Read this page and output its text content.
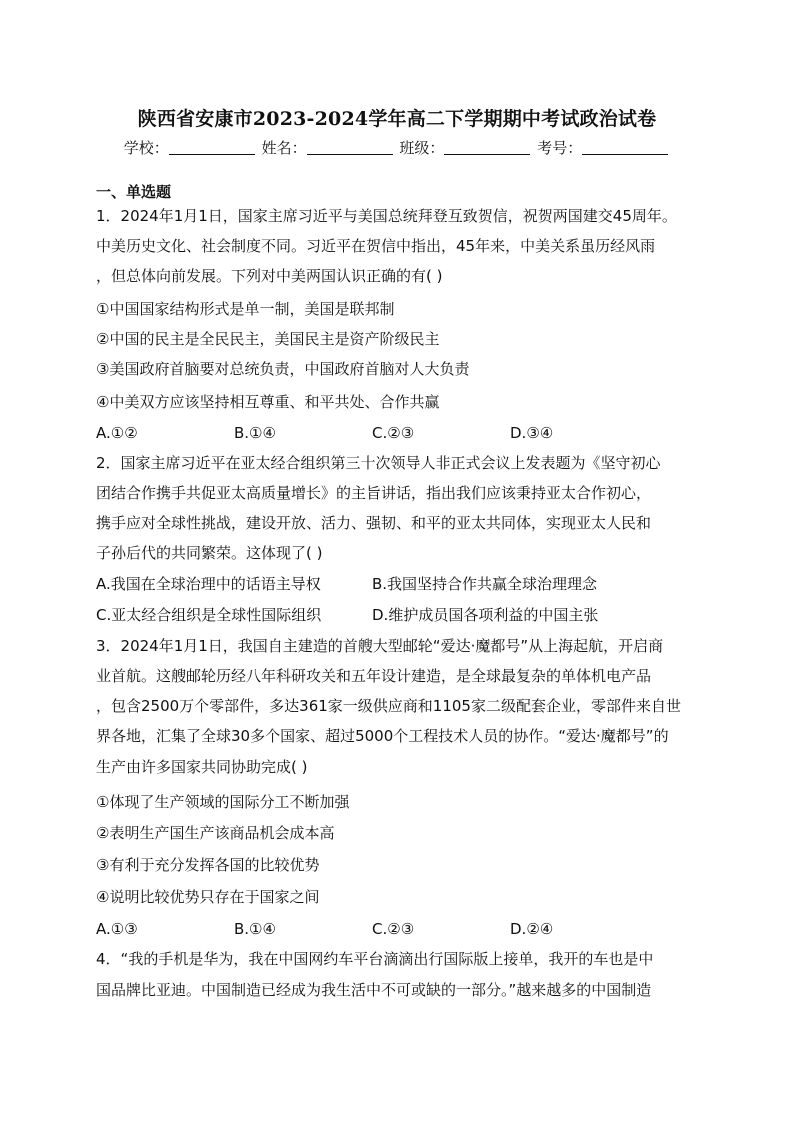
陕西省安康市2023-2024学年高二下学期期中考试政治试卷
学校：	姓名：	班级：	考号：
一、单选题
1．2024年1月1日，国家主席习近平与美国总统拜登互致贺信，祝贺两国建交45周年。
中美历史文化、社会制度不同。习近平在贺信中指出，45年来，中美关系虽历经风雨
，但总体向前发展。下列对中美两国认识正确的有( )
①中国国家结构形式是单一制，美国是联邦制
②中国的民主是全民民主，美国民主是资产阶级民主
③美国政府首脑要对总统负责，中国政府首脑对人大负责
④中美双方应该坚持相互尊重、和平共处、合作共赢
A.①②	B.①④	C.②③	D.③④
2．国家主席习近平在亚太经合组织第三十次领导人非正式会议上发表题为《坚守初心
团结合作携手共促亚太高质量增长》的主旨讲话，指出我们应该秉持亚太合作初心，
携手应对全球性挑战，建设开放、活力、强韧、和平的亚太共同体，实现亚太人民和
子孙后代的共同繁荣。这体现了( )
A.我国在全球治理中的话语主导权	B.我国坚持合作共赢全球治理理念
C.亚太经合组织是全球性国际组织	D.维护成员国各项利益的中国主张
3．2024年1月1日，我国自主建造的首艘大型邮轮“爱达·魔都号”从上海起航，开启商
业首航。这艘邮轮历经八年科研攻关和五年设计建造，是全球最复杂的单体机电产品
，包含2500万个零部件，多达361家一级供应商和1105家二级配套企业，零部件来自世
界各地，汇集了全球30多个国家、超过5000个工程技术人员的协作。“爱达·魔都号”的
生产由许多国家共同协助完成( )
①体现了生产领域的国际分工不断加强
②表明生产国生产该商品机会成本高
③有利于充分发挥各国的比较优势
④说明比较优势只存在于国家之间
A.①③	B.①④	C.②③	D.②④
4．“我的手机是华为，我在中国网约车平台滴滴出行国际版上接单，我开的车也是中
国品牌比亚迪。中国制造已经成为我生活中不可或缺的一部分。”越来越多的中国制造
